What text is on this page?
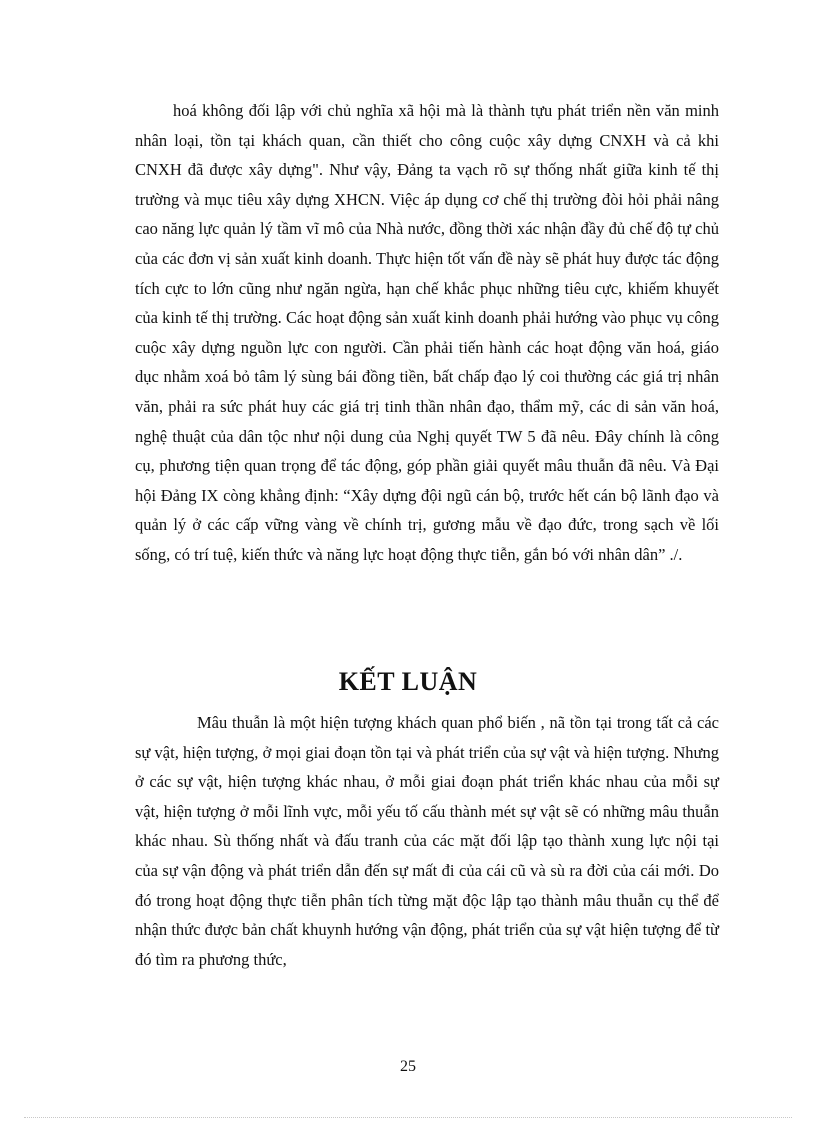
hoá không đối lập với chủ nghĩa xã hội mà là thành tựu phát triển nền văn minh nhân loại, tồn tại khách quan, cần thiết cho công cuộc xây dựng CNXH và cả khi CNXH đã được xây dựng". Như vậy, Đảng ta vạch rõ sự thống nhất giữa kinh tế thị trường và mục tiêu xây dựng XHCN. Việc áp dụng cơ chế thị trường đòi hỏi phải nâng cao năng lực quản lý tầm vĩ mô của Nhà nước, đồng thời xác nhận đầy đủ chế độ tự chủ của các đơn vị sản xuất kinh doanh. Thực hiện tốt vấn đề này sẽ phát huy được tác động tích cực to lớn cũng như ngăn ngừa, hạn chế khắc phục những tiêu cực, khiếm khuyết của kinh tế thị trường. Các hoạt động sản xuất kinh doanh phải hướng vào phục vụ công cuộc xây dựng nguồn lực con người. Cần phải tiến hành các hoạt động văn hoá, giáo dục nhằm xoá bỏ tâm lý sùng bái đồng tiền, bất chấp đạo lý coi thường các giá trị nhân văn, phải ra sức phát huy các giá trị tinh thần nhân đạo, thẩm mỹ, các di sản văn hoá, nghệ thuật của dân tộc như nội dung của Nghị quyết TW 5 đã nêu. Đây chính là công cụ, phương tiện quan trọng để tác động, góp phần giải quyết mâu thuẫn đã nêu. Và Đại hội Đảng IX còng khẳng định: “Xây dựng đội ngũ cán bộ, trước hết cán bộ lãnh đạo và quản lý ở các cấp vững vàng về chính trị, gương mẫu về đạo đức, trong sạch về lối sống, có trí tuệ, kiến thức và năng lực hoạt động thực tiễn, gắn bó với nhân dân” ./.

KẾT LUẬN

Mâu thuẫn là một hiện tượng khách quan phổ biến , nã tồn tại trong tất cả các sự vật, hiện tượng, ở mọi giai đoạn tồn tại và phát triển của sự vật và hiện tượng. Nhưng ở các sự vật, hiện tượng khác nhau, ở mỗi giai đoạn phát triển khác nhau của mỗi sự vật, hiện tượng ở mỗi lĩnh vực, mỗi yếu tố cấu thành mét sự vật sẽ có những mâu thuẫn khác nhau. Sù thống nhất và đấu tranh của các mặt đối lập tạo thành xung lực nội tại của sự vận động và phát triển dẫn đến sự mất đi của cái cũ và sù ra đời của cái mới. Do đó trong hoạt động thực tiễn phân tích từng mặt độc lập tạo thành mâu thuẫn cụ thể để nhận thức được bản chất khuynh hướng vận động, phát triển của sự vật hiện tượng để từ đó tìm ra phương thức,

25
